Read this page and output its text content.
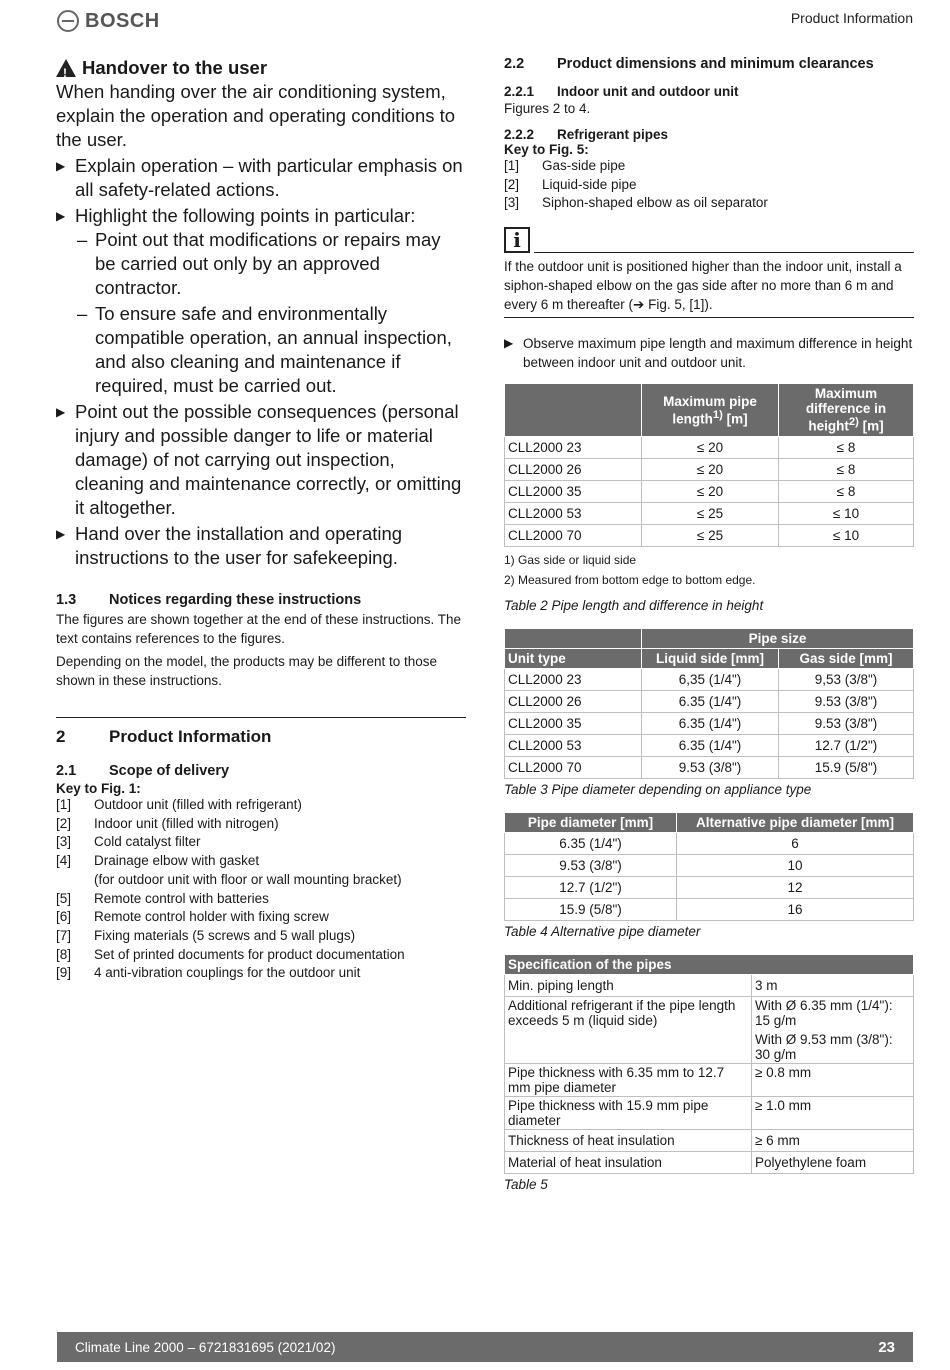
BOSCH	Product Information
!
Handover to the user

When handing over the air conditioning system, explain the operation and operating conditions to the user.

▶ Explain operation – with particular emphasis on all safety-related actions.
▶ Highlight the following points in particular:
– Point out that modifications or repairs may be carried out only by an approved contractor.
– To ensure safe and environmentally compatible operation, an annual inspection, and also cleaning and maintenance if required, must be carried out.
▶ Point out the possible consequences (personal injury and possible danger to life or material damage) of not carrying out inspection, cleaning and maintenance correctly, or omitting it altogether.
▶ Hand over the installation and operating instructions to the user for safekeeping.
1.3	Notices regarding these instructions

The figures are shown together at the end of these instructions. The text contains references to the figures.

Depending on the model, the products may be different to those shown in these instructions.

2	Product Information
2.1	Scope of delivery
Key to Fig. 1:
[1]	Outdoor unit (filled with refrigerant)
[2]	Indoor unit (filled with nitrogen)
[3]	Cold catalyst filter
[4]	Drainage elbow with gasket
(for outdoor unit with floor or wall mounting bracket)
[5]	Remote control with batteries
[6]	Remote control holder with fixing screw
[7]	Fixing materials (5 screws and 5 wall plugs)
[8]	Set of printed documents for product documentation
[9]	4 anti-vibration couplings for the outdoor unit
2.2	Product dimensions and minimum clearances
2.2.1	Indoor unit and outdoor unit

Figures 2 to 4.

2.2.2	Refrigerant pipes
Key to Fig. 5:
[1]	Gas-side pipe
[2]	Liquid-side pipe
[3]	Siphon-shaped elbow as oil separator
i

If the outdoor unit is positioned higher than the indoor unit, install a siphon-shaped elbow on the gas side after no more than 6 m and every 6 m thereafter (➔ Fig. 5, [1]).

▶ Observe maximum pipe length and maximum difference in height between indoor unit and outdoor unit.
	Maximum pipe length$^{1)}$ [m]	Maximum difference in height$^{2)}$ [m]
CLL2000 23	≤ 20	≤ 8
CLL2000 26	≤ 20	≤ 8
CLL2000 35	≤ 20	≤ 8
CLL2000 53	≤ 25	≤ 10
CLL2000 70	≤ 25	≤ 10
1) Gas side or liquid side
2) Measured from bottom edge to bottom edge.
Table 2 Pipe length and difference in height
	Pipe size	
Unit type	Liquid side [mm]	Gas side [mm]
CLL2000 23	6,35 (1/4")	9,53 (3/8")
CLL2000 26	6.35 (1/4")	9.53 (3/8")
CLL2000 35	6.35 (1/4")	9.53 (3/8")
CLL2000 53	6.35 (1/4")	12.7 (1/2")
CLL2000 70	9.53 (3/8")	15.9 (5/8")
Table 3 Pipe diameter depending on appliance type
Pipe diameter [mm]	Alternative pipe diameter [mm]
6.35 (1/4")	6
9.53 (3/8")	10
12.7 (1/2")	12
15.9 (5/8")	16
Table 4 Alternative pipe diameter
Specification of the pipes	
Min. piping length	3 m
Additional refrigerant if the pipe length exceeds 5 m (liquid side)	With Ø 6.35 mm (1/4"): 15 g/m
	With Ø 9.53 mm (3/8"): 30 g/m
Pipe thickness with 6.35 mm to 12.7 mm pipe diameter	≥ 0.8 mm
Pipe thickness with 15.9 mm pipe diameter	≥ 1.0 mm
Thickness of heat insulation	≥ 6 mm
Material of heat insulation	Polyethylene foam
Table 5
Climate Line 2000 – 6721831695 (2021/02)	23
